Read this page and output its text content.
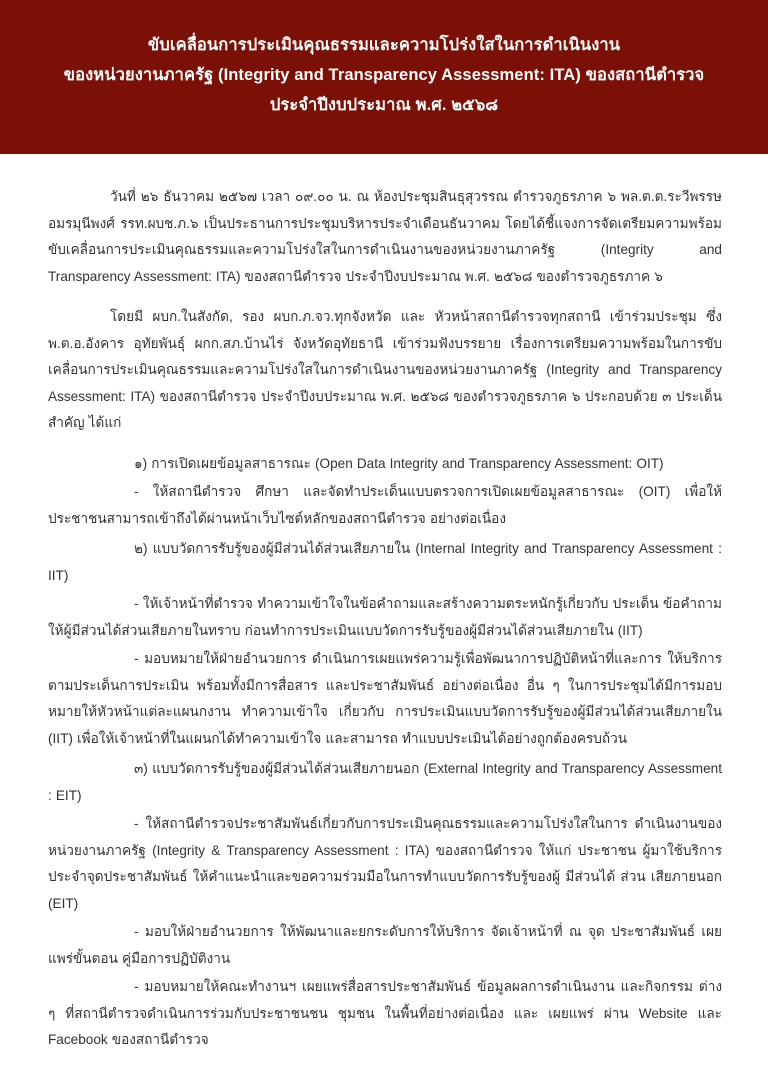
ขับเคลื่อนการประเมินคุณธรรมและความโปร่งใสในการดำเนินงาน
ของหน่วยงานภาครัฐ (Integrity and Transparency Assessment: ITA) ของสถานีตำรวจ
ประจำปีงบประมาณ พ.ศ. ๒๕๖๘

วันที่ ๒๖ ธันวาคม ๒๕๖๗ เวลา ๐๙.๐๐ น. ณ ห้องประชุมสินธุสุวรรณ ตำรวจภูธรภาค ๖ พล.ต.ต.ระวีพรรษ อมรมุนีพงศ์ รรท.ผบช.ภ.๖ เป็นประธานการประชุมบริหารประจำเดือนธันวาคม โดยได้ชี้แจงการจัดเตรียมความพร้อมขับเคลื่อนการประเมินคุณธรรมและความโปร่งใสในการดำเนินงานของหน่วยงานภาครัฐ (Integrity and Transparency Assessment: ITA) ของสถานีตำรวจ ประจำปีงบประมาณ พ.ศ. ๒๕๖๘ ของตำรวจภูธรภาค ๖

โดยมี ผบก.ในสังกัด, รอง ผบก.ภ.จว.ทุกจังหวัด และ หัวหน้าสถานีตำรวจทุกสถานี เข้าร่วมประชุม ซึ่ง พ.ต.อ.อังคาร อุทัยพันธุ์ ผกก.สภ.บ้านไร่ จังหวัดอุทัยธานี เข้าร่วมฟังบรรยาย เรื่องการเตรียมความพร้อมในการขับเคลื่อนการประเมินคุณธรรมและความโปร่งใสในการดำเนินงานของหน่วยงานภาครัฐ (Integrity and Transparency Assessment: ITA) ของสถานีตำรวจ ประจำปีงบประมาณ พ.ศ. ๒๕๖๘ ของตำรวจภูธรภาค ๖ ประกอบด้วย ๓ ประเด็นสำคัญ ได้แก่

๑) การเปิดเผยข้อมูลสาธารณะ (Open Data Integrity and Transparency Assessment: OIT)

- ให้สถานีตำรวจ ศึกษา และจัดทำประเด็นแบบตรวจการเปิดเผยข้อมูลสาธารณะ (OIT) เพื่อให้ประชาชนสามารถเข้าถึงได้ผ่านหน้าเว็บไซต์หลักของสถานีตำรวจ อย่างต่อเนื่อง

๒) แบบวัดการรับรู้ของผู้มีส่วนได้ส่วนเสียภายใน (Internal Integrity and Transparency Assessment : IIT)

- ให้เจ้าหน้าที่ตำรวจ ทำความเข้าใจในข้อคำถามและสร้างความตระหนักรู้เกี่ยวกับ ประเด็น ข้อคำถามให้ผู้มีส่วนได้ส่วนเสียภายในทราบ ก่อนทำการประเมินแบบวัดการรับรู้ของผู้มีส่วนได้ส่วนเสียภายใน (IIT)

- มอบหมายให้ฝ่ายอำนวยการ ดำเนินการเผยแพร่ความรู้เพื่อพัฒนาการปฏิบัติหน้าที่และการ ให้บริการตามประเด็นการประเมิน พร้อมทั้งมีการสื่อสาร และประชาสัมพันธ์ อย่างต่อเนื่อง อื่น ๆ ในการประชุมได้มีการมอบหมายให้หัวหน้าแต่ละแผนกงาน ทำความเข้าใจ เกี่ยวกับ การประเมินแบบวัดการรับรู้ของผู้มีส่วนได้ส่วนเสียภายใน (IIT) เพื่อให้เจ้าหน้าที่ในแผนกได้ทำความเข้าใจ และสามารถ ทำแบบประเมินได้อย่างถูกต้องครบถ้วน

๓) แบบวัดการรับรู้ของผู้มีส่วนได้ส่วนเสียภายนอก (External Integrity and Transparency Assessment : EIT)

- ให้สถานีตำรวจประชาสัมพันธ์เกี่ยวกับการประเมินคุณธรรมและความโปร่งใสในการ ดำเนินงานของหน่วยงานภาครัฐ (Integrity & Transparency Assessment : ITA) ของสถานีตำรวจ ให้แก่ ประชาชน ผู้มาใช้บริการประจำจุดประชาสัมพันธ์ ให้คำแนะนำและขอความร่วมมือในการทำแบบวัดการรับรู้ของผู้ มีส่วนได้ ส่วน เสียภายนอก (EIT)

- มอบให้ฝ่ายอำนวยการ ให้พัฒนาและยกระดับการให้บริการ จัดเจ้าหน้าที่ ณ จุด ประชาสัมพันธ์ เผยแพร่ขั้นตอน คู่มือการปฏิบัติงาน

- มอบหมายให้คณะทำงานฯ เผยแพร่สื่อสารประชาสัมพันธ์ ข้อมูลผลการดำเนินงาน และกิจกรรม ต่าง ๆ ที่สถานีตำรวจดำเนินการร่วมกับประชาชนชน ชุมชน ในพื้นที่อย่างต่อเนื่อง และ เผยแพร่ ผ่าน Website และ Facebook ของสถานีตำรวจ
